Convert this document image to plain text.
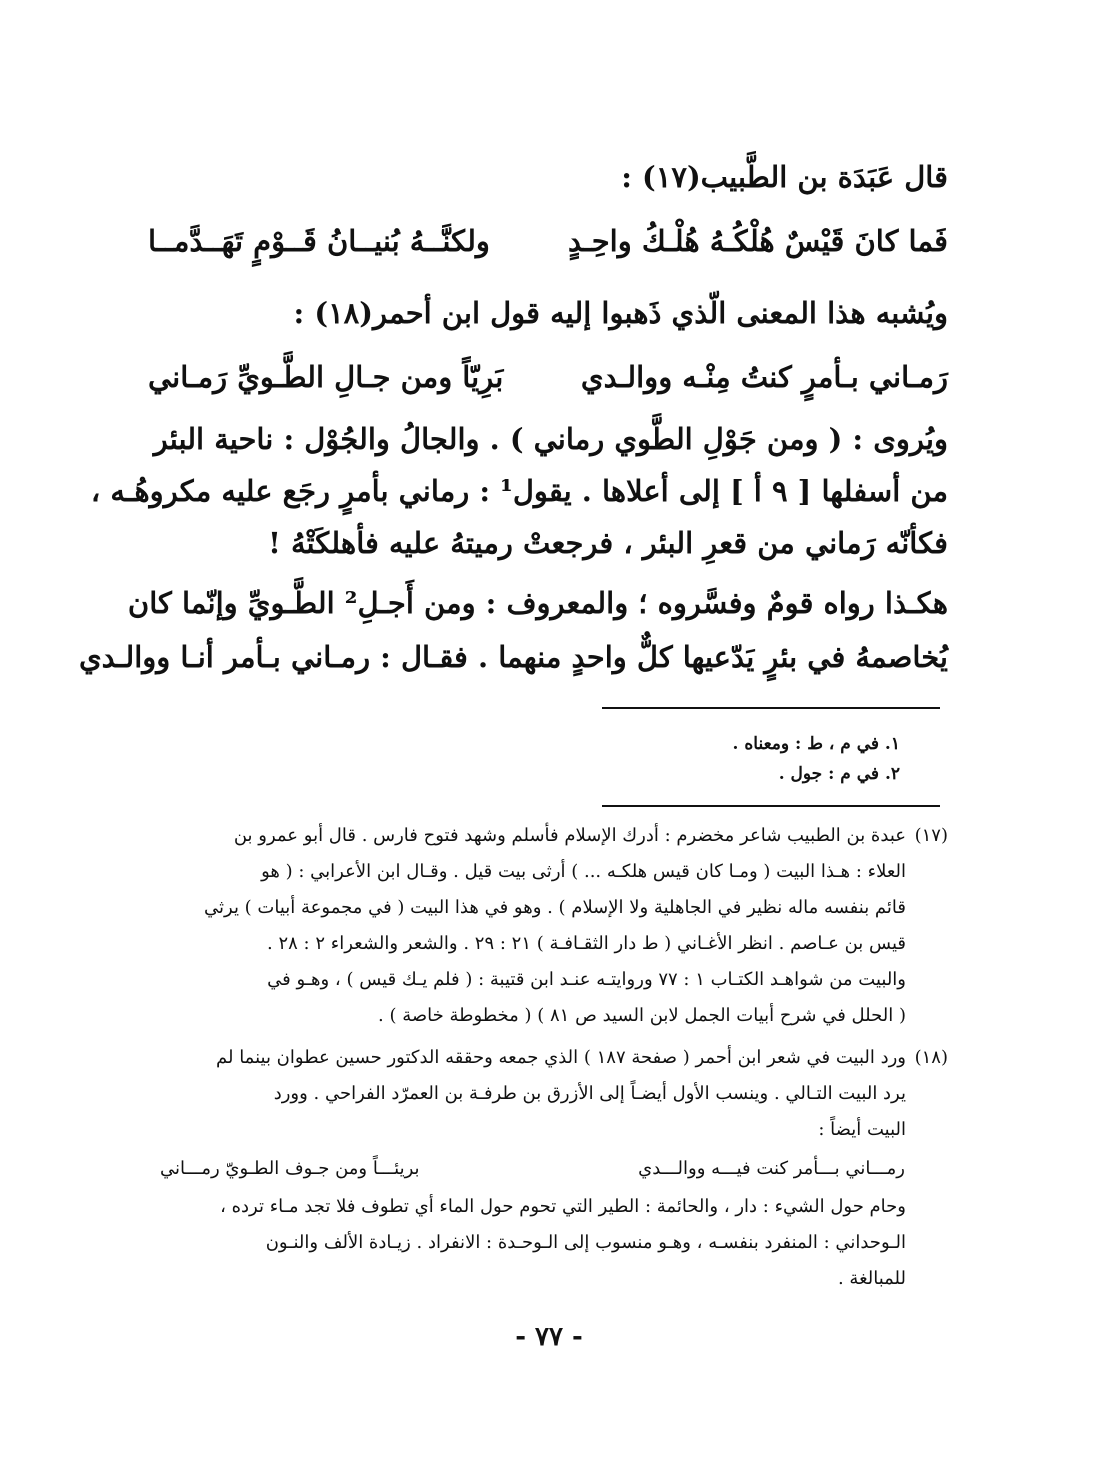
قال عَبَدَة بن الطَّبيب(١٧) :
فَما كانَ قَيْسٌ هُلْكُـهُ هُلْـكُ واحِـدٍ
ولكنَّــهُ بُنيــانُ قَــوْمٍ تَهَــدَّمــا
ويُشبه هذا المعنى الّذي ذَهبوا إليه قول ابن أحمر(١٨) :
رَمـاني بـأمرٍ كنتُ مِنْـه ووالـدي
بَرِيّاً ومن جـالِ الطَّـويِّ رَمـاني
ويُروى : ( ومن جَوْلِ الطَّوي رماني ) . والجالُ والجُوْل : ناحية البئر
من أسفلها [ ٩ أ ] إلى أعلاها . يقول¹ : رماني بأمرٍ رجَع عليه مكروهُـه ،
فكأنّه رَماني من قعرِ البئر ، فرجعتْ رميتهُ عليه فأهلكَتْهُ !
هكـذا رواه قومٌ وفسَّروه ؛ والمعروف : ومن أَجـلِ² الطَّـويِّ وإنّما كان
يُخاصمهُ في بئرٍ يَدّعيها كلٌّ واحدٍ منهما . فقـال : رمـاني بـأمر أنـا ووالـدي
١. في م ، ط : ومعناه .
٢. في م : جول .
(١٧)
عبدة بن الطبيب شاعر مخضرم : أدرك الإسلام فأسلم وشهد فتوح فارس . قال أبو عمرو بن
العلاء : هـذا البيت ( ومـا كان قيس هلكـه ... ) أرثى بيت قيل . وقـال ابن الأعرابي : ( هو
قائم بنفسه ماله نظير في الجاهلية ولا الإسلام ) . وهو في هذا البيت ( في مجموعة أبيات ) يرثي
قيس بن عـاصم . انظر الأغـاني ( ط دار الثقـافـة ) ٢١ : ٢٩ . والشعر والشعراء ٢ : ٢٨ .
والبيت من شواهـد الكتـاب ١ : ٧٧ وروايتـه عنـد ابن قتيبة : ( فلم يـك قيس ) ، وهـو في
( الحلل في شرح أبيات الجمل لابن السيد ص ٨١ ) ( مخطوطة خاصة ) .
(١٨)
ورد البيت في شعر ابن أحمر ( صفحة ١٨٧ ) الذي جمعه وحققه الدكتور حسين عطوان بينما لم
يرد البيت التـالي . وينسب الأول أيضـاً إلى الأزرق بن طرفـة بن العمرّد الفراحي . وورد
البيت أيضاً :
رمـــاني بـــأمر كنت فيـــه ووالـــدي
بريئـــاً ومن جـوف الطـويّ رمـــاني
وحام حول الشيء : دار ، والحائمة : الطير التي تحوم حول الماء أي تطوف فلا تجد مـاء ترده ،
الـوحداني : المنفرد بنفسـه ، وهـو منسوب إلى الـوحـدة : الانفراد . زيـادة الألف والنـون
للمبالغة .
- ٧٧ -
